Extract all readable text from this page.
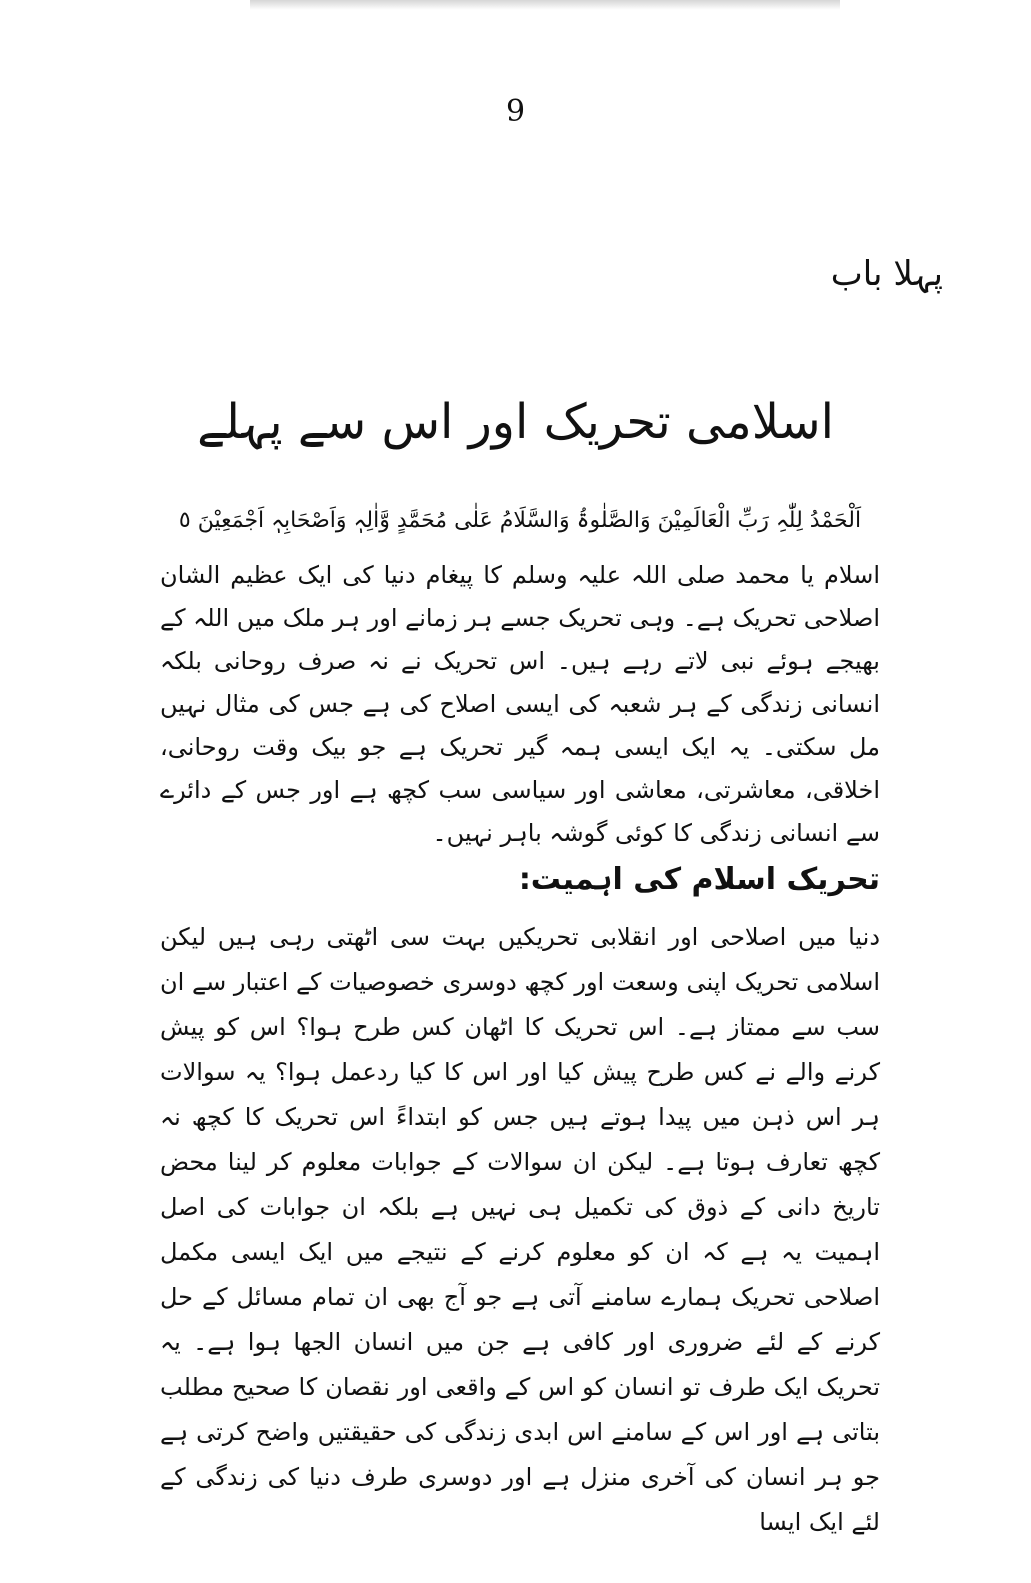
9
پہلا باب
اسلامی تحریک اور اس سے پہلے
اَلْحَمْدُ لِلّٰہِ رَبِّ الْعَالَمِیْنَ وَالصَّلٰوۃُ وَالسَّلَامُ عَلٰی مُحَمَّدٍ وَّاٰلِہٖ وَاَصْحَابِہٖ اَجْمَعِیْنَ ٥

اسلام یا محمد صلی اللہ علیہ وسلم کا پیغام دنیا کی ایک عظیم الشان اصلاحی تحریک ہے۔ وہی تحریک جسے ہر زمانے اور ہر ملک میں اللہ کے بھیجے ہوئے نبی لاتے رہے ہیں۔ اس تحریک نے نہ صرف روحانی بلکہ انسانی زندگی کے ہر شعبہ کی ایسی اصلاح کی ہے جس کی مثال نہیں مل سکتی۔ یہ ایک ایسی ہمہ گیر تحریک ہے جو بیک وقت روحانی، اخلاقی، معاشرتی، معاشی اور سیاسی سب کچھ ہے اور جس کے دائرے سے انسانی زندگی کا کوئی گوشہ باہر نہیں۔

تحریک اسلام کی اہمیت:

دنیا میں اصلاحی اور انقلابی تحریکیں بہت سی اٹھتی رہی ہیں لیکن اسلامی تحریک اپنی وسعت اور کچھ دوسری خصوصیات کے اعتبار سے ان سب سے ممتاز ہے۔ اس تحریک کا اٹھان کس طرح ہوا؟ اس کو پیش کرنے والے نے کس طرح پیش کیا اور اس کا کیا ردعمل ہوا؟ یہ سوالات ہر اس ذہن میں پیدا ہوتے ہیں جس کو ابتداءً اس تحریک کا کچھ نہ کچھ تعارف ہوتا ہے۔ لیکن ان سوالات کے جوابات معلوم کر لینا محض تاریخ دانی کے ذوق کی تکمیل ہی نہیں ہے بلکہ ان جوابات کی اصل اہمیت یہ ہے کہ ان کو معلوم کرنے کے نتیجے میں ایک ایسی مکمل اصلاحی تحریک ہمارے سامنے آتی ہے جو آج بھی ان تمام مسائل کے حل کرنے کے لئے ضروری اور کافی ہے جن میں انسان الجھا ہوا ہے۔ یہ تحریک ایک طرف تو انسان کو اس کے واقعی اور نقصان کا صحیح مطلب بتاتی ہے اور اس کے سامنے اس ابدی زندگی کی حقیقتیں واضح کرتی ہے جو ہر انسان کی آخری منزل ہے اور دوسری طرف دنیا کی زندگی کے لئے ایک ایسا
